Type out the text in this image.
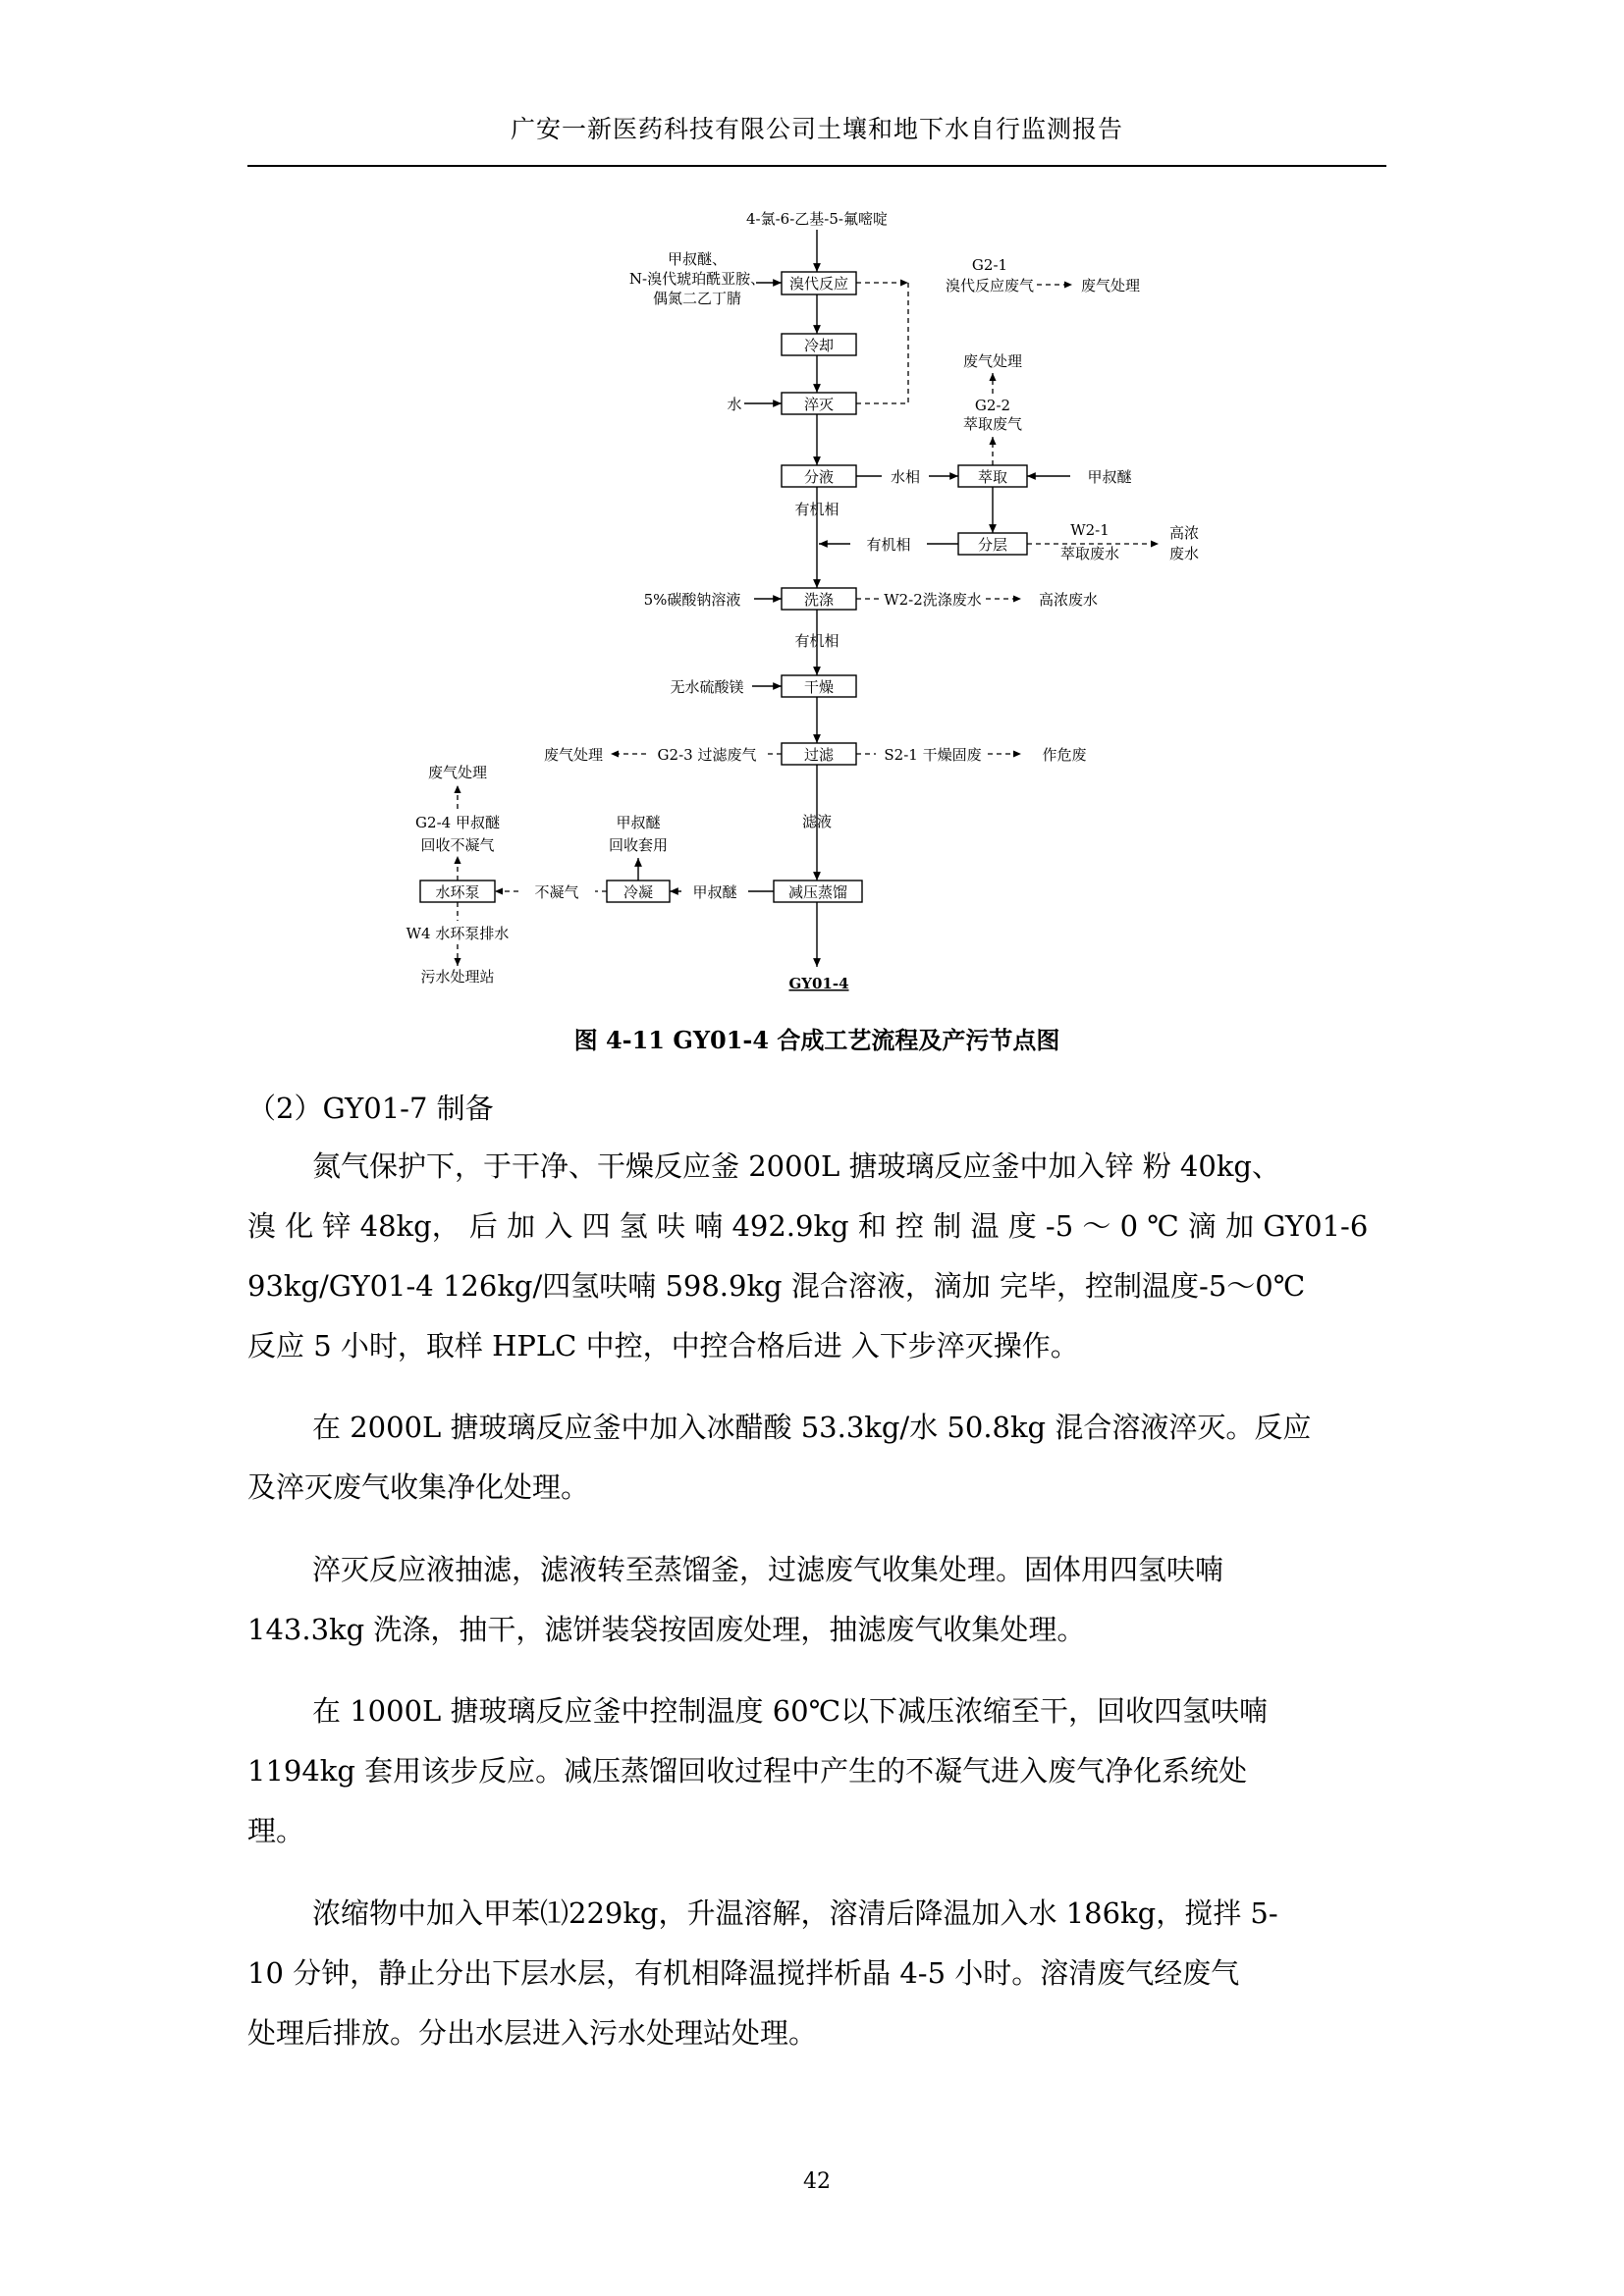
广安一新医药科技有限公司土壤和地下水自行监测报告
溴代反应
冷却
淬灭
分液	萃取
分层
洗涤
干燥
过滤
减压蒸馏
冷凝
水环泵
4-氯-6-乙基-5-氟嘧啶
甲叔醚、
N-溴代琥珀酰亚胺、
偶氮二乙丁腈
G2-1
溴代反应废气	废气处理
水
萃取废气
G2-2
废气处理
水相	甲叔醚
有机相
有机相
W2-1
萃取废水
高浓
废水
5%碳酸钠溶液	W2-2洗涤废水	高浓废水
有机相
无水硫酸镁
G2-3 过滤废气
废气处理	S2-1 干燥固废	作危废
滤液
甲叔醚
甲叔醚
回收套用
不凝气
G2-4 甲叔醚
回收不凝气
废气处理
W4 水环泵排水
污水处理站	GY01-4
图 4-11 GY01-4 合成工艺流程及产污节点图
（2）GY01-7 制备
氮气保护下，于干净、干燥反应釜 2000L 搪玻璃反应釜中加入锌 粉 40kg、
溴 化 锌 48kg， 后 加 入 四 氢 呋 喃 492.9kg 和 控 制 温 度 -5 ～ 0 ℃ 滴 加 GY01-6
93kg/GY01-4 126kg/四氢呋喃 598.9kg 混合溶液，滴加 完毕，控制温度-5～0℃
反应 5 小时，取样 HPLC 中控，中控合格后进 入下步淬灭操作。
在 2000L 搪玻璃反应釜中加入冰醋酸 53.3kg/水 50.8kg 混合溶液淬灭。反应
及淬灭废气收集净化处理。
淬灭反应液抽滤，滤液转至蒸馏釜，过滤废气收集处理。固体用四氢呋喃
143.3kg 洗涤，抽干，滤饼装袋按固废处理，抽滤废气收集处理。
在 1000L 搪玻璃反应釜中控制温度 60℃以下减压浓缩至干，回收四氢呋喃
1194kg 套用该步反应。减压蒸馏回收过程中产生的不凝气进入废气净化系统处
理。
浓缩物中加入甲苯⑴229kg，升温溶解，溶清后降温加入水 186kg，搅拌 5-
10 分钟，静止分出下层水层，有机相降温搅拌析晶 4-5 小时。溶清废气经废气
处理后排放。分出水层进入污水处理站处理。
42
